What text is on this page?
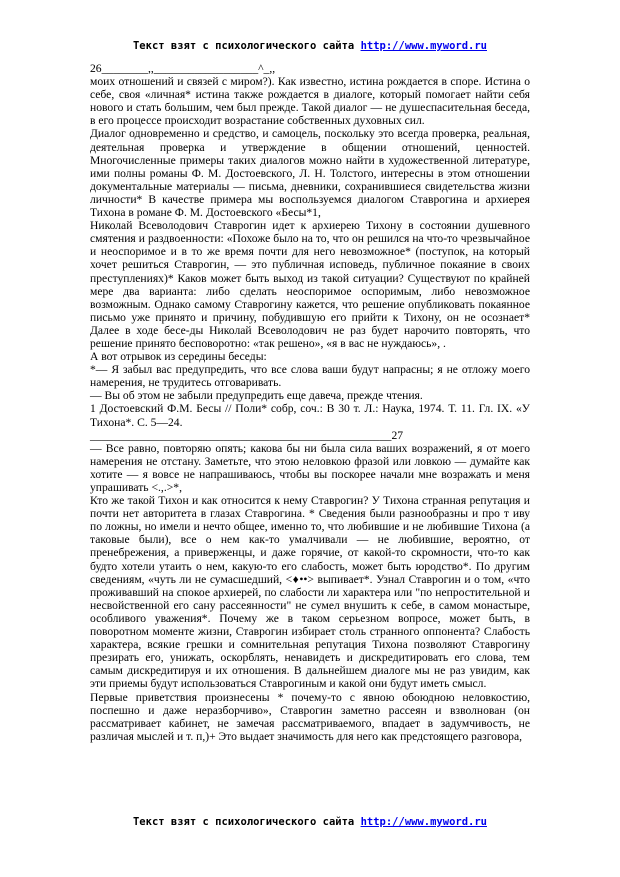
Текст взят с психологического сайта http://www.myword.ru

26________,,__________________^_,,

моих отношений и связей с миром?). Как известно, истина рождается в споре. Истина о себе, своя «личная* истина также рождается в диалоге, который помогает найти себя нового и стать большим, чем был прежде. Такой диалог — не душеспасительная беседа, в его процессе происходит возрастание собственных духовных сил.

Диалог одновременно и средство, и самоцель, поскольку это всегда проверка, реальная, деятельная проверка и утверждение в общении отношений, ценностей. Многочисленные примеры таких диалогов можно найти в художественной литературе, ими полны романы Ф. М. Достоевского, Л. Н. Толстого, интересны в этом отношении документальные материалы — письма, дневники, сохранившиеся свидетельства жизни личности* В качестве примера мы воспользуемся диалогом Ставрогина и архиерея Тихона в романе Ф. М. Достоевского «Бесы*1,

Николай Всеволодович Ставрогин идет к архиерею Тихону в состоянии душевного смятения и раздвоенности: «Похоже было на то, что он решился на что-то чрезвычайное и неоспоримое и в то же время почти для него невозможное* (поступок, на который хочет решиться Ставрогин, — это публичная исповедь, публичное покаяние в своих преступлениях)* Каков может быть выход из такой ситуации? Существуют по крайней мере два варианта: либо сделать неоспоримое оспоримым, либо невозможное возможным. Однако самому Ставрогину кажется, что решение опубликовать покаянное письмо уже принято и причину, побудившую его прийти к Тихону, он не осознает* Далее в ходе бесе-ды Николай Всеволодович не раз будет нарочито повторять, что решение принято бесповоротно: «так решено», «я в вас не нуждаюсь», .

А вот отрывок из середины беседы:

*— Я забыл вас предупредить, что все слова ваши будут напрасны; я не отложу моего намерения, не трудитесь отговаривать.

— Вы об этом не забыли предупредить еще давеча, прежде чтения.

1 Достоевский Ф.М. Бесы // Поли* собр, соч.: В 30 т. Л.: Наука, 1974. Т. 11. Гл. IX. «У Тихона*. С. 5—24.

____________________________________________________27

— Все равно, повторяю опять; какова бы ни была сила ваших возражений, я от моего намерения не отстану. Заметьте, что этою неловкою фразой или ловкою — думайте как хотите — я вовсе не напрашиваюсь, чтобы вы поскорее начали мне возражать и меня упрашивать <.,.>*,

Кто же такой Тихон и как относится к нему Ставрогин? У Тихона странная репутация и почти нет авторитета в глазах Ставрогина. * Сведения были разнообразны и про т иву по ложны, но имели и нечто общее, именно то, что любившие и не любившие Тихона (а таковые были), все о нем как-то умалчивали — не любившие, вероятно, от пренебрежения, а приверженцы, и даже горячие, от какой-то скромности, что-то как будто хотели утаить о нем, какую-то его слабость, может быть юродство*. По другим сведениям, «чуть ли не сумасшедший, <♦••> выпивает*. Узнал Ставрогин и о том, «что проживавший на спокое архиерей, по слабости ли характера или "по непростительной и несвойственной его сану рассеянности" не сумел внушить к себе, в самом монастыре, особливого уважения*. Почему же в таком серьезном вопросе, может быть, в поворотном моменте жизни, Ставрогин избирает столь странного оппонента? Слабость характера, всякие грешки и сомнительная репутация Тихона позволяют Ставрогину презирать его, унижать, оскорблять, ненавидеть и дискредитировать его слова, тем самым дискредитируя и их отношения. В дальнейшем диалоге мы не раз увидим, как эти приемы будут использоваться Ставрогиным и какой они будут иметь смысл.

Первые приветствия произнесены * почему-то с явною обоюдною неловкостию, поспешно и даже неразборчиво», Ставрогин заметно рассеян и взволнован (он рассматривает кабинет, не замечая рассматриваемого, впадает в задумчивость, не различая мыслей и т. п,)+ Это выдает значимость для него как предстоящего разговора,

Текст взят с психологического сайта http://www.myword.ru
